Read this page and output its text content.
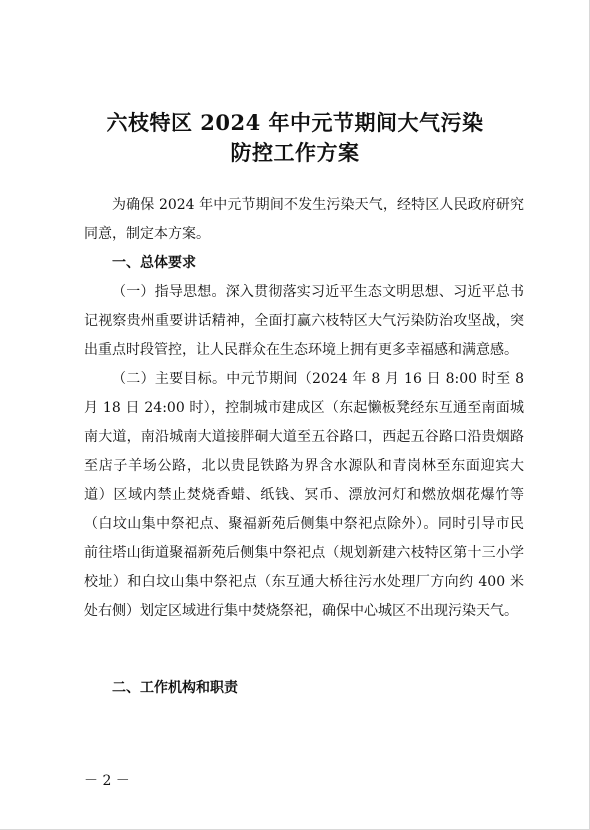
六枝特区 2024 年中元节期间大气污染
防控工作方案

为确保 2024 年中元节期间不发生污染天气，经特区人民政府研究同意，制定本方案。

一、总体要求

（一）指导思想。深入贯彻落实习近平生态文明思想、习近平总书记视察贵州重要讲话精神，全面打赢六枝特区大气污染防治攻坚战，突出重点时段管控，让人民群众在生态环境上拥有更多幸福感和满意感。

（二）主要目标。中元节期间（2024 年 8 月 16 日 8:00 时至 8 月 18 日 24:00 时），控制城市建成区（东起懒板凳经东互通至南面城南大道，南沿城南大道接胖硐大道至五谷路口，西起五谷路口沿贵烟路至店子羊场公路，北以贵昆铁路为界含水源队和青岗林至东面迎宾大道）区域内禁止焚烧香蜡、纸钱、冥币、漂放河灯和燃放烟花爆竹等（白坟山集中祭祀点、聚福新苑后侧集中祭祀点除外）。同时引导市民前往塔山街道聚福新苑后侧集中祭祀点（规划新建六枝特区第十三小学校址）和白坟山集中祭祀点（东互通大桥往污水处理厂方向约 400 米处右侧）划定区域进行集中焚烧祭祀，确保中心城区不出现污染天气。

二、工作机构和职责

－ 2 －
